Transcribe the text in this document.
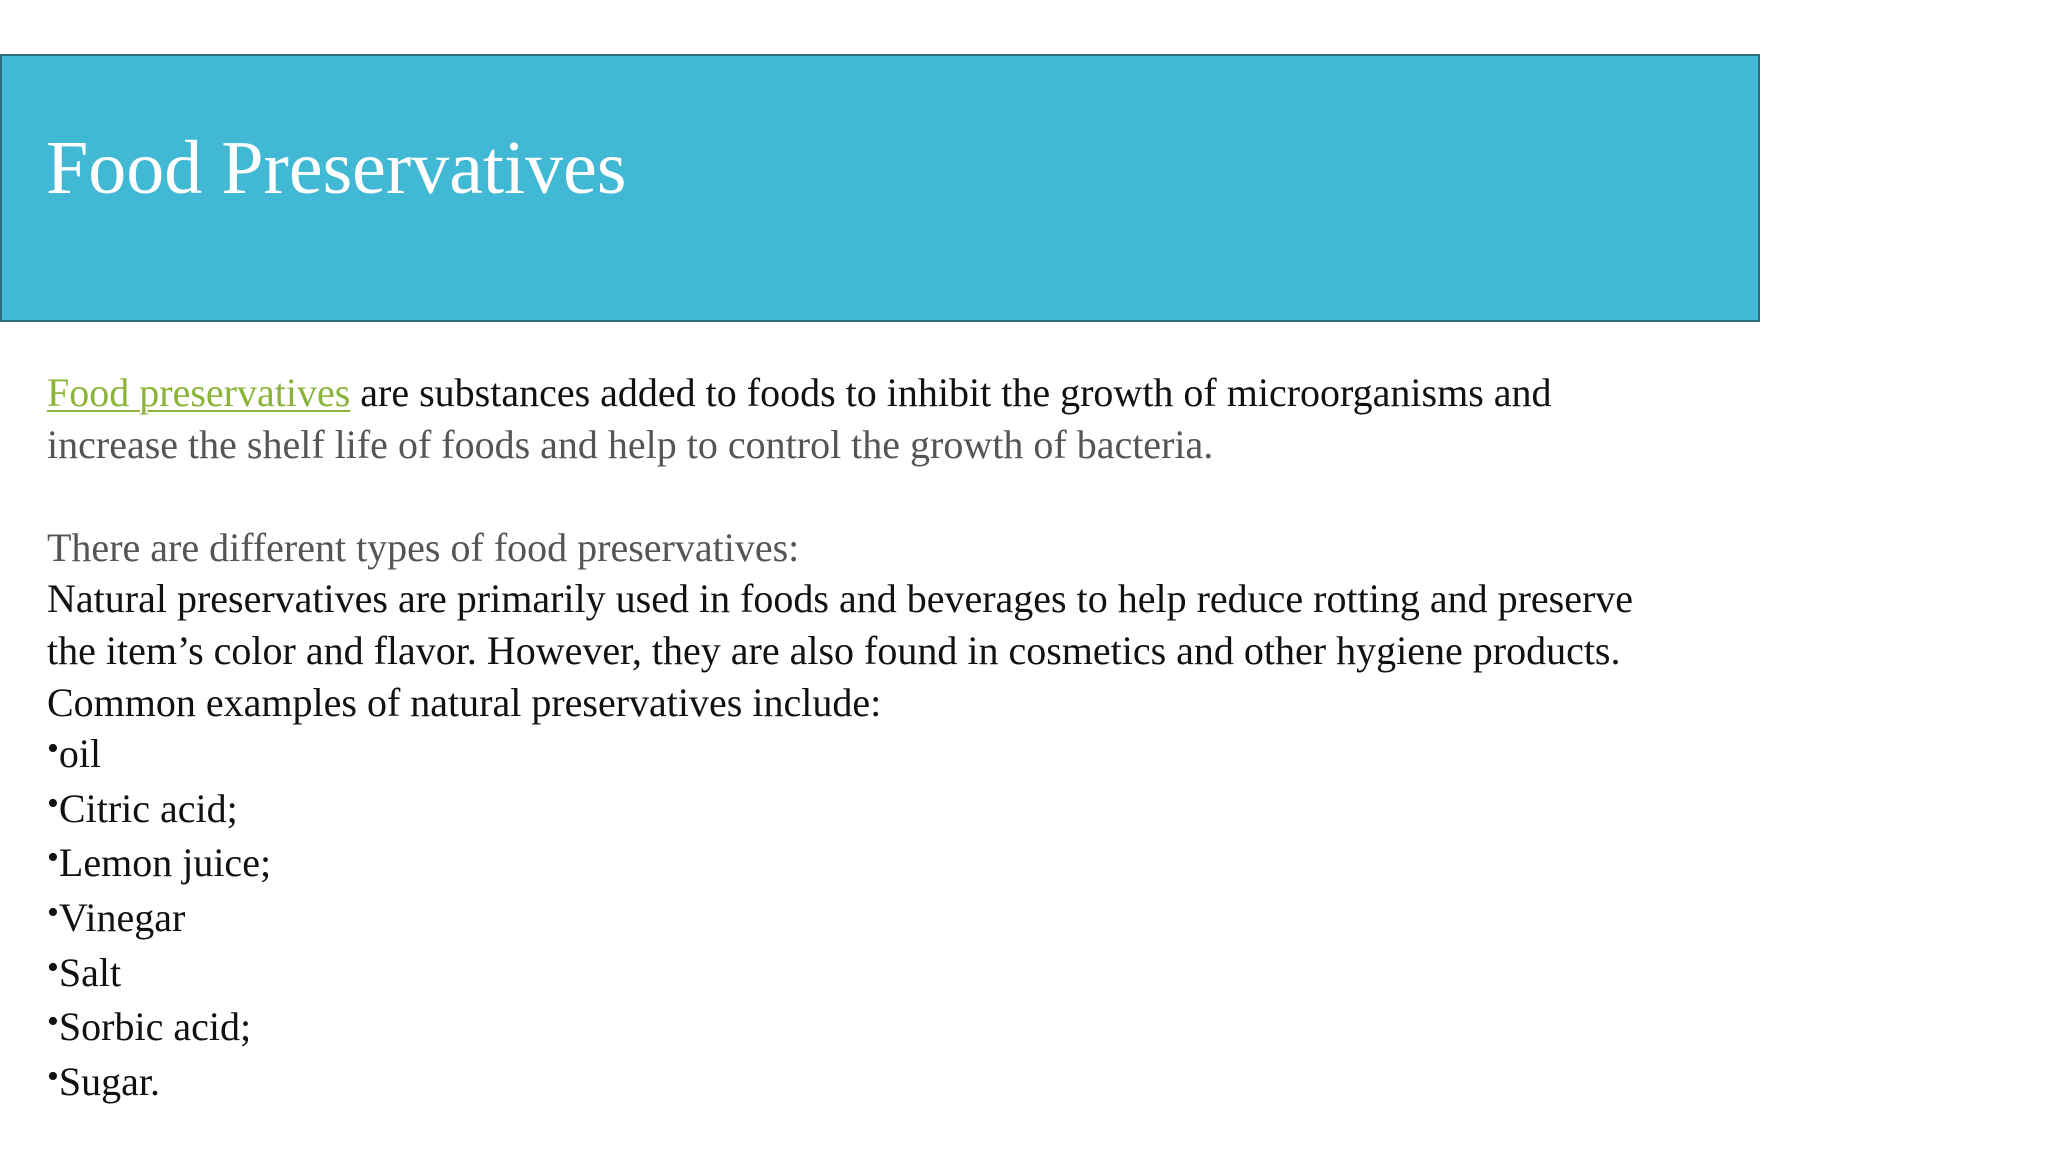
Food Preservatives
Food preservatives are substances added to foods to inhibit the growth of microorganisms and
increase the shelf life of foods and help to control the growth of bacteria.
There are different types of food preservatives:
Natural preservatives are primarily used in foods and beverages to help reduce rotting and preserve
the item’s color and flavor. However, they are also found in cosmetics and other hygiene products.
Common examples of natural preservatives include:
•oil
•Citric acid;
•Lemon juice;
•Vinegar
•Salt
•Sorbic acid;
•Sugar.
